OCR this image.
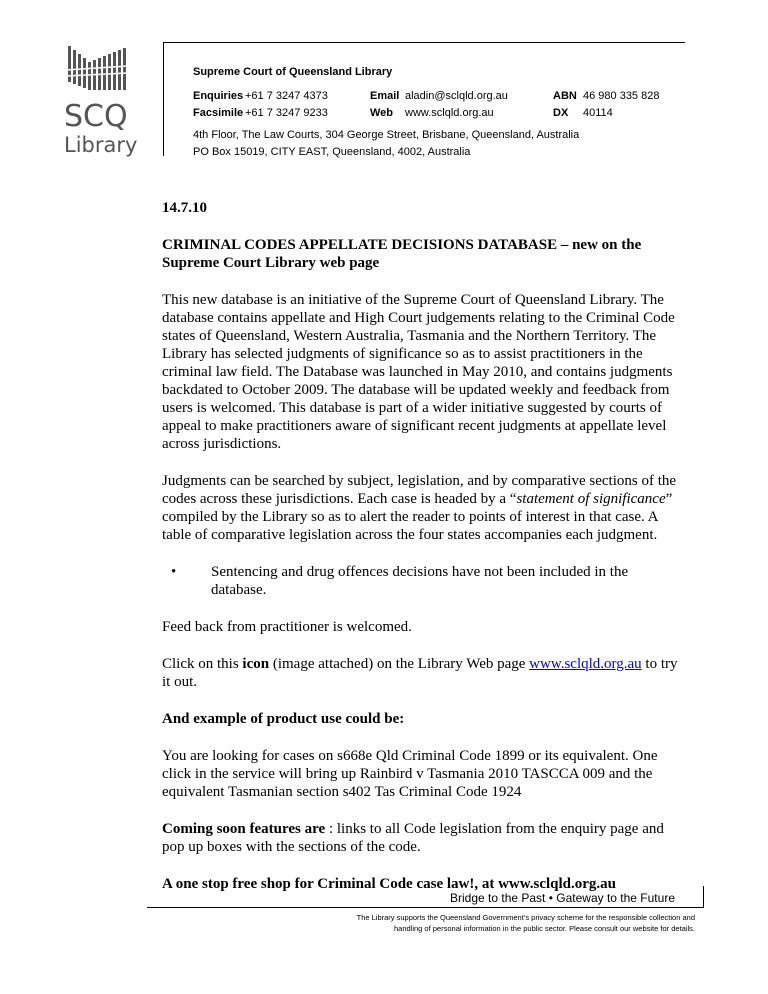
SCQ
Library
Supreme Court of Queensland Library
Enquiries +61 7 3247 4373
Facsimile +61 7 3247 9233
Email aladin@sclqld.org.au
Web www.sclqld.org.au
ABN 46 980 335 828
DX 40114
4th Floor, The Law Courts, 304 George Street, Brisbane, Queensland, Australia
PO Box 15019, CITY EAST, Queensland, 4002, Australia

14.7.10

CRIMINAL CODES APPELLATE DECISIONS DATABASE – new on the Supreme Court Library web page

This new database is an initiative of the Supreme Court of Queensland Library. The database contains appellate and High Court judgements relating to the Criminal Code states of Queensland, Western Australia, Tasmania and the Northern Territory. The Library has selected judgments of significance so as to assist practitioners in the criminal law field. The Database was launched in May 2010, and contains judgments backdated to October 2009. The database will be updated weekly and feedback from users is welcomed. This database is part of a wider initiative suggested by courts of appeal to make practitioners aware of significant recent judgments at appellate level across jurisdictions.

Judgments can be searched by subject, legislation, and by comparative sections of the codes across these jurisdictions. Each case is headed by a “statement of significance” compiled by the Library so as to alert the reader to points of interest in that case. A table of comparative legislation across the four states accompanies each judgment.

•	Sentencing and drug offences decisions have not been included in the database.

Feed back from practitioner is welcomed.

Click on this icon (image attached) on the Library Web page www.sclqld.org.au to try it out.

And example of product use could be:

You are looking for cases on s668e Qld Criminal Code 1899 or its equivalent. One click in the service will bring up Rainbird v Tasmania 2010 TASCCA 009 and the equivalent Tasmanian section s402 Tas Criminal Code 1924

Coming soon features are : links to all Code legislation from the enquiry page and pop up boxes with the sections of the code.

A one stop free shop for Criminal Code case law!, at www.sclqld.org.au

Bridge to the Past • Gateway to the Future
The Library supports the Queensland Government’s privacy scheme for the responsible collection and
handling of personal information in the public sector. Please consult our website for details.
